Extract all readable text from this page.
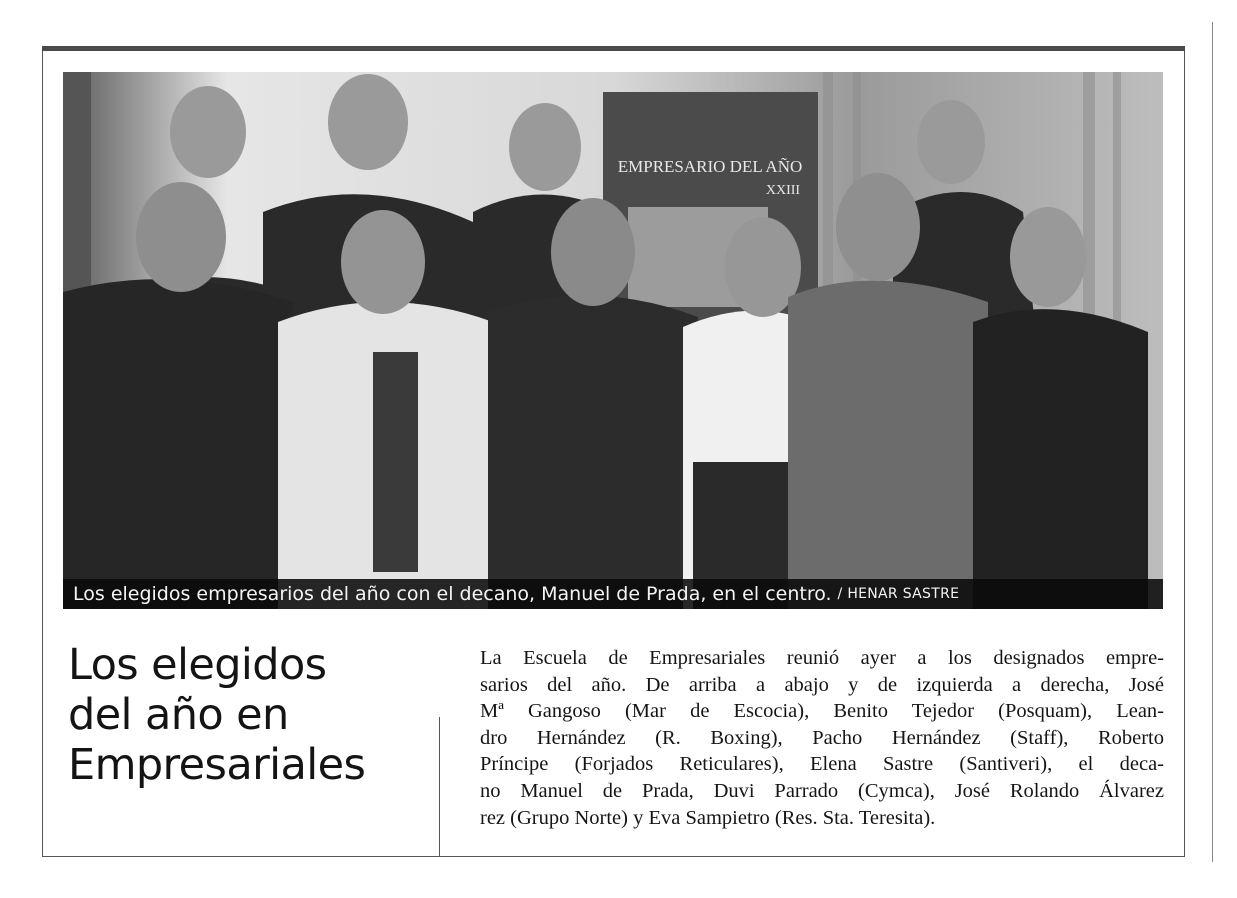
EMPRESARIO DEL AÑO
XXIII
Los elegidos empresarios del año con el decano, Manuel de Prada, en el centro. / HENAR SASTRE
Los elegidos
del año en
Empresariales

La Escuela de Empresariales reunió ayer a los designados empre-
sarios del año. De arriba a abajo y de izquierda a derecha, José
Mª Gangoso (Mar de Escocia), Benito Tejedor (Posquam), Lean-
dro Hernández (R. Boxing), Pacho Hernández (Staff), Roberto
Príncipe (Forjados Reticulares), Elena Sastre (Santiveri), el deca-
no Manuel de Prada, Duvi Parrado (Cymca), José Rolando Álvarez
rez (Grupo Norte) y Eva Sampietro (Res. Sta. Teresita).
